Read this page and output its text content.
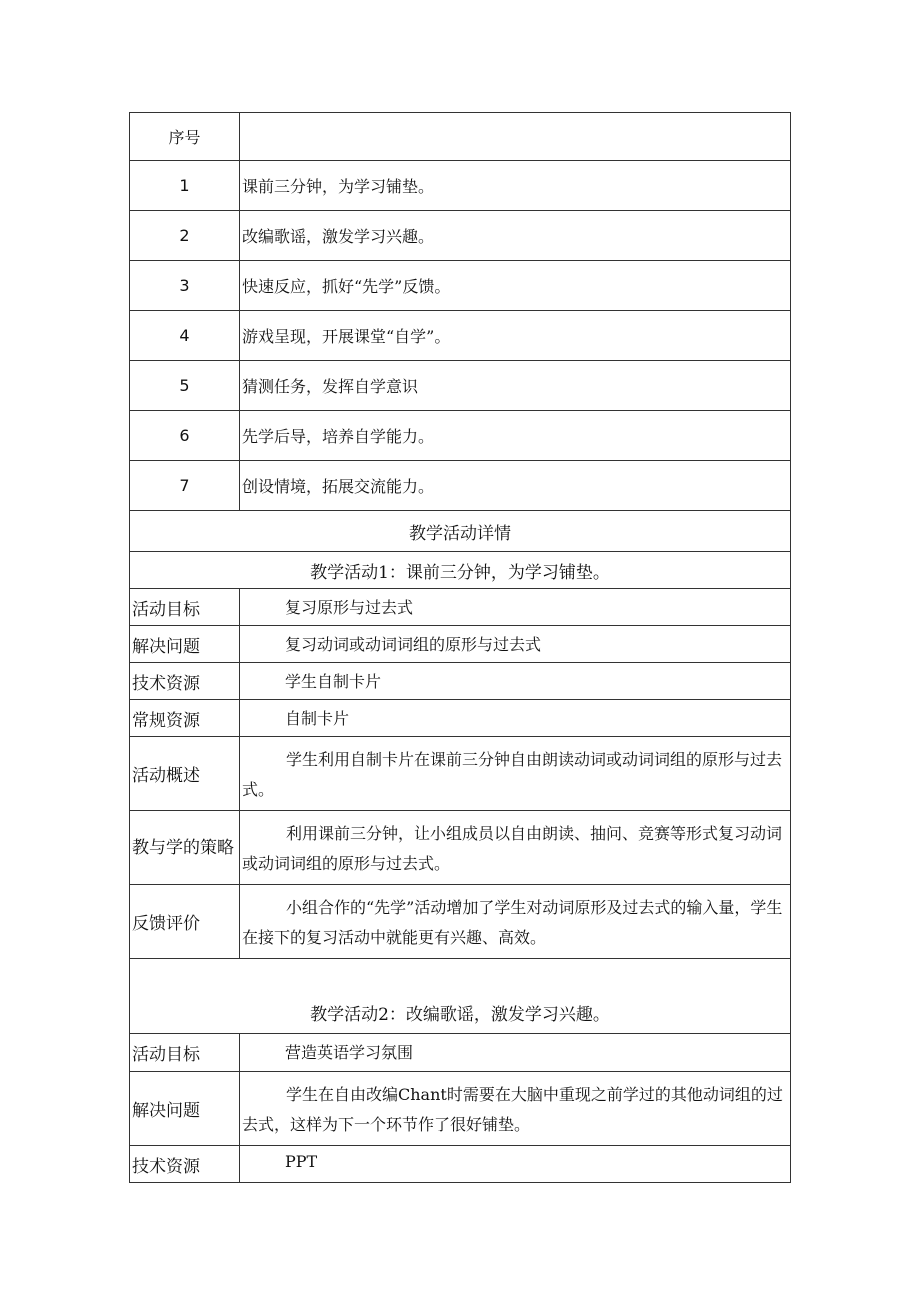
序号	
1	课前三分钟，为学习铺垫。
2	改编歌谣，激发学习兴趣。
3	快速反应，抓好“先学”反馈。
4	游戏呈现，开展课堂“自学”。
5	猜测任务，发挥自学意识
6	先学后导，培养自学能力。
7	创设情境，拓展交流能力。
教学活动详情	
教学活动1：课前三分钟，为学习铺垫。	
活动目标	复习原形与过去式
解决问题	复习动词或动词词组的原形与过去式
技术资源	学生自制卡片
常规资源	自制卡片
活动概述	学生利用自制卡片在课前三分钟自由朗读动词或动词词组的原形与过去式。
教与学的策略	利用课前三分钟，让小组成员以自由朗读、抽问、竞赛等形式复习动词或动词词组的原形与过去式。
反馈评价	小组合作的“先学”活动增加了学生对动词原形及过去式的输入量，学生在接下的复习活动中就能更有兴趣、高效。
教学活动2：改编歌谣，激发学习兴趣。	
活动目标	营造英语学习氛围
解决问题	学生在自由改编Chant时需要在大脑中重现之前学过的其他动词组的过去式，这样为下一个环节作了很好铺垫。
技术资源	PPT
